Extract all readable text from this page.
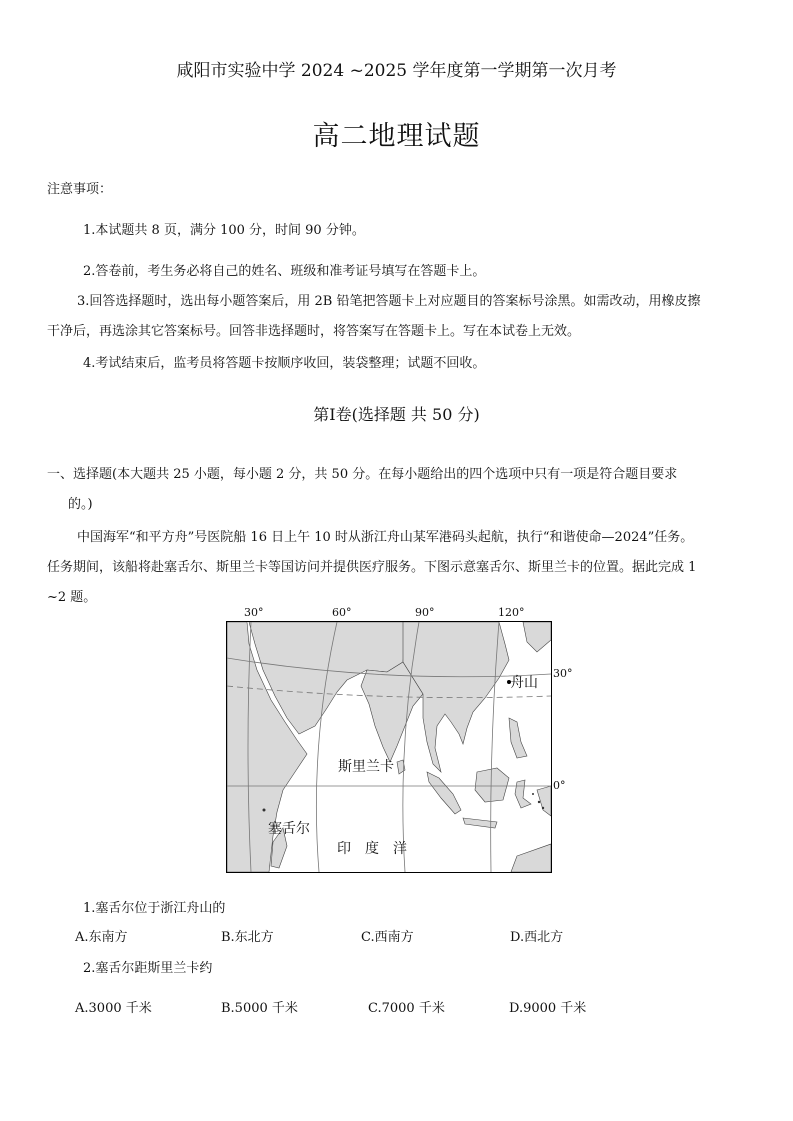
咸阳市实验中学 2024 ~2025 学年度第一学期第一次月考
高二地理试题
注意事项：
1.本试题共 8 页，满分 100 分，时间 90 分钟。
2.答卷前，考生务必将自己的姓名、班级和准考证号填写在答题卡上。
3.回答选择题时，选出每小题答案后，用 2B 铅笔把答题卡上对应题目的答案标号涂黑。如需改动，用橡皮擦
干净后，再选涂其它答案标号。回答非选择题时，将答案写在答题卡上。写在本试卷上无效。
4.考试结束后，监考员将答题卡按顺序收回，装袋整理；试题不回收。
第Ⅰ卷(选择题 共 50 分)
一、选择题(本大题共 25 小题，每小题 2 分，共 50 分。在每小题给出的四个选项中只有一项是符合题目要求
的。)
中国海军“和平方舟”号医院船 16 日上午 10 时从浙江舟山某军港码头起航，执行“和谐使命—2024”任务。
任务期间，该船将赴塞舌尔、斯里兰卡等国访问并提供医疗服务。下图示意塞舌尔、斯里兰卡的位置。据此完成 1
~2 题。
30°	60°	90°	120°
30°
0°
舟山
斯里兰卡
塞舌尔
印　度　洋
1.塞舌尔位于浙江舟山的
A.东南方	B.东北方	C.西南方	D.西北方
2.塞舌尔距斯里兰卡约
A.3000 千米	B.5000 千米	C.7000 千米	D.9000 千米
